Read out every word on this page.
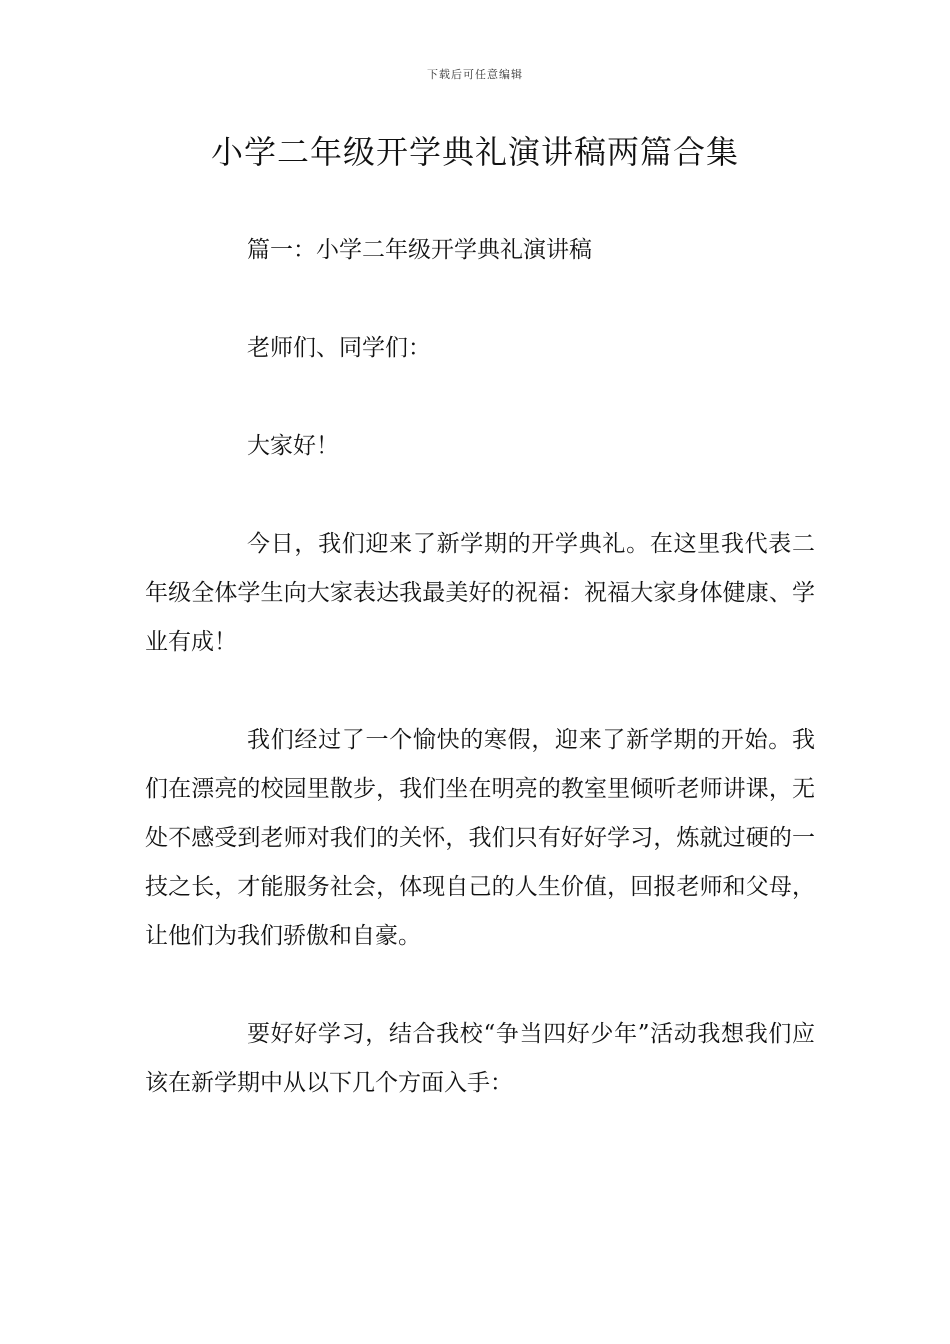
下载后可任意编辑
小学二年级开学典礼演讲稿两篇合集

篇一：小学二年级开学典礼演讲稿

老师们、同学们：

大家好！

今日，我们迎来了新学期的开学典礼。在这里我代表二年级全体学生向大家表达我最美好的祝福：祝福大家身体健康、学业有成！

我们经过了一个愉快的寒假，迎来了新学期的开始。我们在漂亮的校园里散步，我们坐在明亮的教室里倾听老师讲课，无处不感受到老师对我们的关怀，我们只有好好学习，炼就过硬的一技之长，才能服务社会，体现自己的人生价值，回报老师和父母，让他们为我们骄傲和自豪。

要好好学习，结合我校“争当四好少年”活动我想我们应该在新学期中从以下几个方面入手：
